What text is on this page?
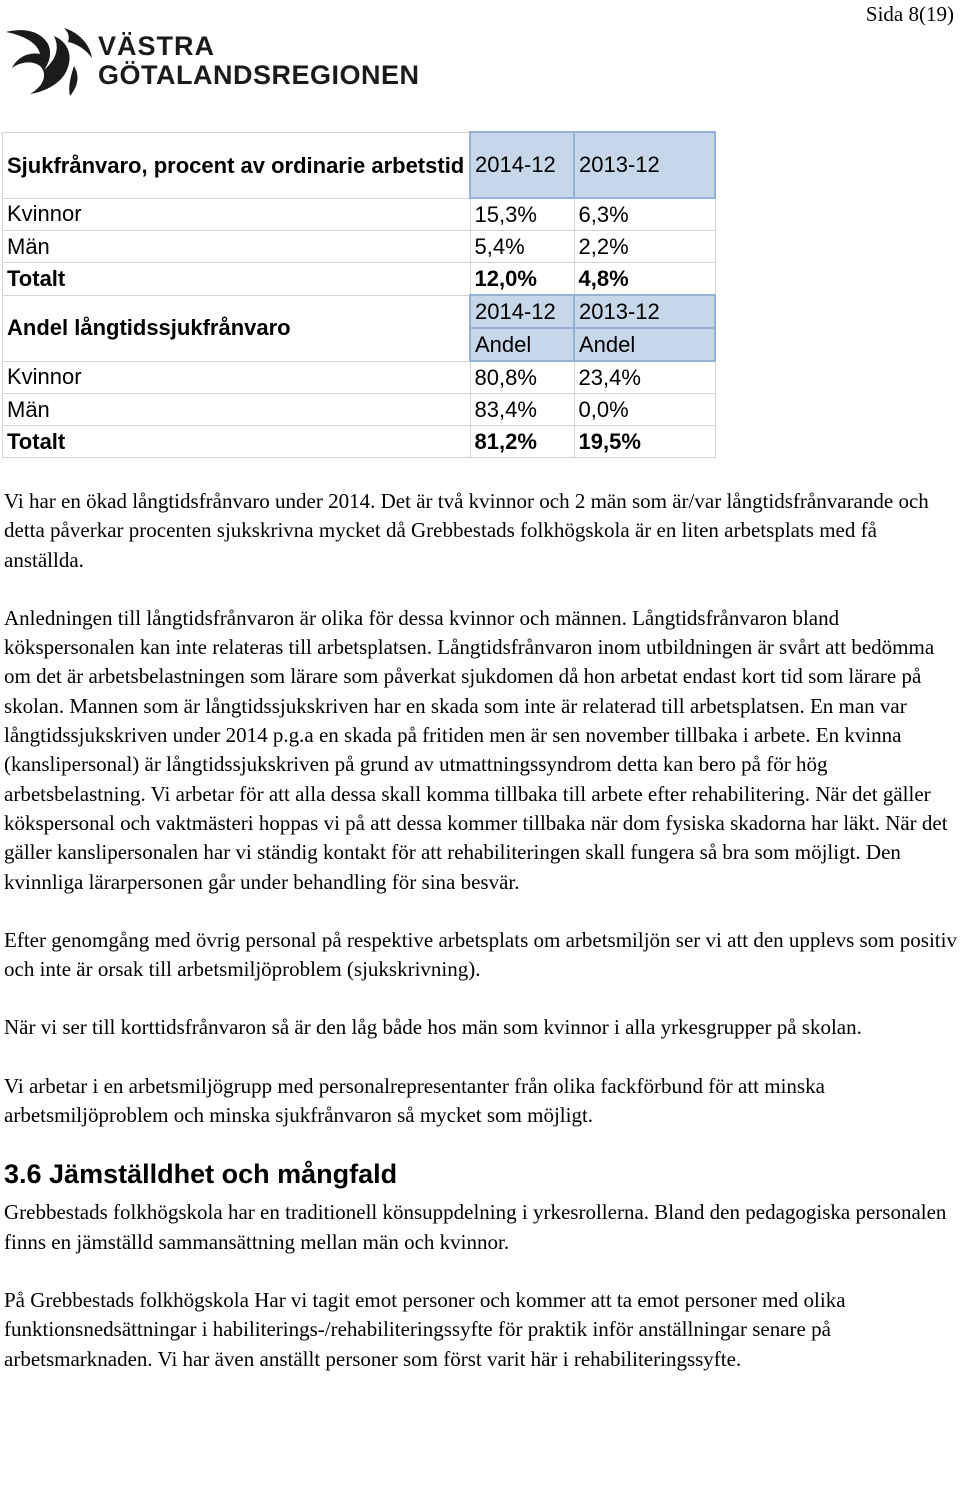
Sida 8(19)
VÄSTRA
GÖTALANDSREGIONEN
Sjukfrånvaro, procent av ordinarie arbetstid	2014-12	2013-12
Kvinnor	15,3%	6,3%
Män	5,4%	2,2%
Totalt	12,0%	4,8%
Andel långtidssjukfrånvaro	2014-12	2013-12
	Andel	Andel
Kvinnor	80,8%	23,4%
Män	83,4%	0,0%
Totalt	81,2%	19,5%

Vi har en ökad långtidsfrånvaro under 2014. Det är två kvinnor och 2 män som är/var långtidsfrånvarande och detta påverkar procenten sjukskrivna mycket då Grebbestads folkhögskola är en liten arbetsplats med få anställda.

Anledningen till långtidsfrånvaron är olika för dessa kvinnor och männen. Långtidsfrånvaron bland kökspersonalen kan inte relateras till arbetsplatsen. Långtidsfrånvaron inom utbildningen är svårt att bedömma om det är arbetsbelastningen som lärare som påverkat sjukdomen då hon arbetat endast kort tid som lärare på skolan. Mannen som är långtidssjukskriven har en skada som inte är relaterad till arbetsplatsen. En man var långtidssjukskriven under 2014 p.g.a en skada på fritiden men är sen november tillbaka i arbete. En kvinna (kanslipersonal) är långtidssjukskriven på grund av utmattningssyndrom detta kan bero på för hög arbetsbelastning. Vi arbetar för att alla dessa skall komma tillbaka till arbete efter rehabilitering. När det gäller kökspersonal och vaktmästeri hoppas vi på att dessa kommer tillbaka när dom fysiska skadorna har läkt. När det gäller kanslipersonalen har vi ständig kontakt för att rehabiliteringen skall fungera så bra som möjligt. Den kvinnliga lärarpersonen går under behandling för sina besvär.

Efter genomgång med övrig personal på respektive arbetsplats om arbetsmiljön ser vi att den upplevs som positiv och inte är orsak till arbetsmiljöproblem (sjukskrivning).

När vi ser till korttidsfrånvaron så är den låg både hos män som kvinnor i alla yrkesgrupper på skolan.

Vi arbetar i en arbetsmiljögrupp med personalrepresentanter från olika fackförbund för att minska arbetsmiljöproblem och minska sjukfrånvaron så mycket som möjligt.

3.6 Jämställdhet och mångfald

Grebbestads folkhögskola har en traditionell könsuppdelning i yrkesrollerna. Bland den pedagogiska personalen finns en jämställd sammansättning mellan män och kvinnor.

På Grebbestads folkhögskola Har vi tagit emot personer och kommer att ta emot personer med olika funktionsnedsättningar i habiliterings-/rehabiliteringssyfte för praktik inför anställningar senare på arbetsmarknaden. Vi har även anställt personer som först varit här i rehabiliteringssyfte.
